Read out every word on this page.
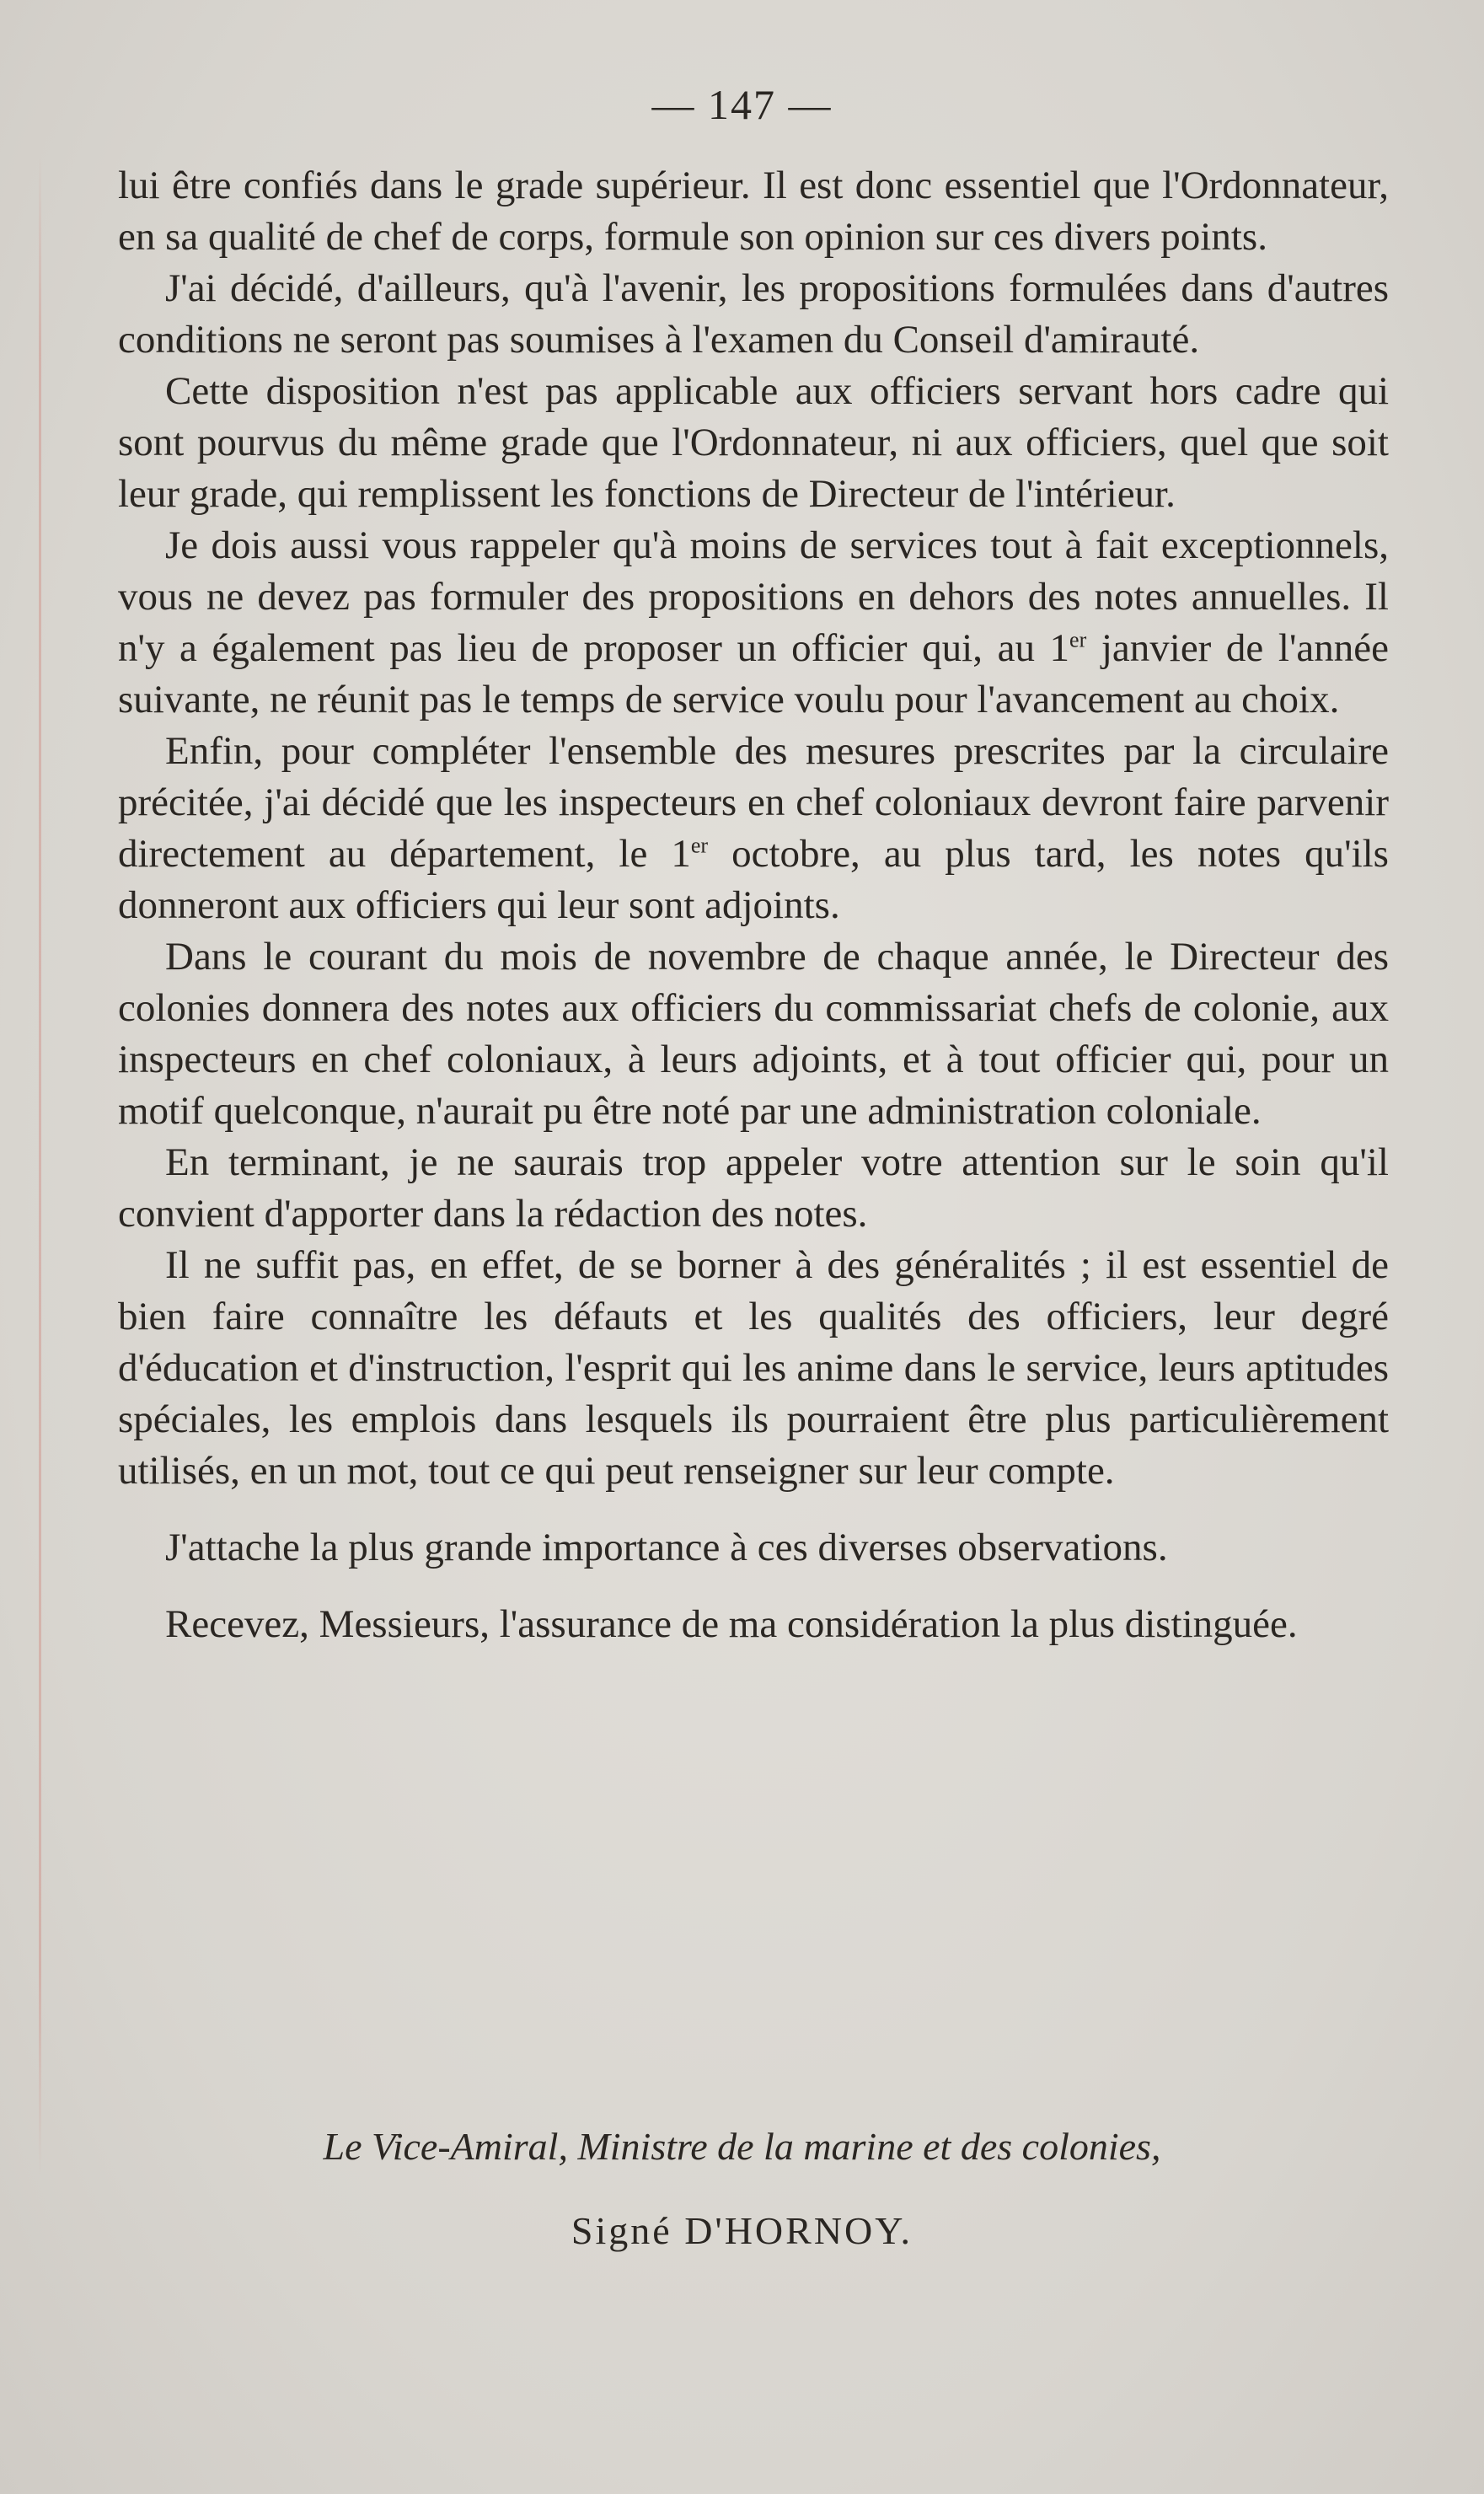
— 147 —

lui être confiés dans le grade supérieur. Il est donc essentiel que l'Ordonnateur, en sa qualité de chef de corps, formule son opinion sur ces divers points.

J'ai décidé, d'ailleurs, qu'à l'avenir, les propositions formulées dans d'autres conditions ne seront pas soumises à l'examen du Conseil d'amirauté.

Cette disposition n'est pas applicable aux officiers servant hors cadre qui sont pourvus du même grade que l'Ordonnateur, ni aux officiers, quel que soit leur grade, qui remplissent les fonctions de Directeur de l'intérieur.

Je dois aussi vous rappeler qu'à moins de services tout à fait exceptionnels, vous ne devez pas formuler des propositions en dehors des notes annuelles. Il n'y a également pas lieu de proposer un officier qui, au 1er janvier de l'année suivante, ne réunit pas le temps de service voulu pour l'avancement au choix.

Enfin, pour compléter l'ensemble des mesures prescrites par la circulaire précitée, j'ai décidé que les inspecteurs en chef coloniaux devront faire parvenir directement au département, le 1er octobre, au plus tard, les notes qu'ils donneront aux officiers qui leur sont adjoints.

Dans le courant du mois de novembre de chaque année, le Directeur des colonies donnera des notes aux officiers du commissariat chefs de colonie, aux inspecteurs en chef coloniaux, à leurs adjoints, et à tout officier qui, pour un motif quelconque, n'aurait pu être noté par une administration coloniale.

En terminant, je ne saurais trop appeler votre attention sur le soin qu'il convient d'apporter dans la rédaction des notes.

Il ne suffit pas, en effet, de se borner à des généralités ; il est essentiel de bien faire connaître les défauts et les qualités des officiers, leur degré d'éducation et d'instruction, l'esprit qui les anime dans le service, leurs aptitudes spéciales, les emplois dans lesquels ils pourraient être plus particulièrement utilisés, en un mot, tout ce qui peut renseigner sur leur compte.

J'attache la plus grande importance à ces diverses observations.

Recevez, Messieurs, l'assurance de ma considération la plus distinguée.

Le Vice-Amiral, Ministre de la marine et des colonies,
Signé D'HORNOY.
